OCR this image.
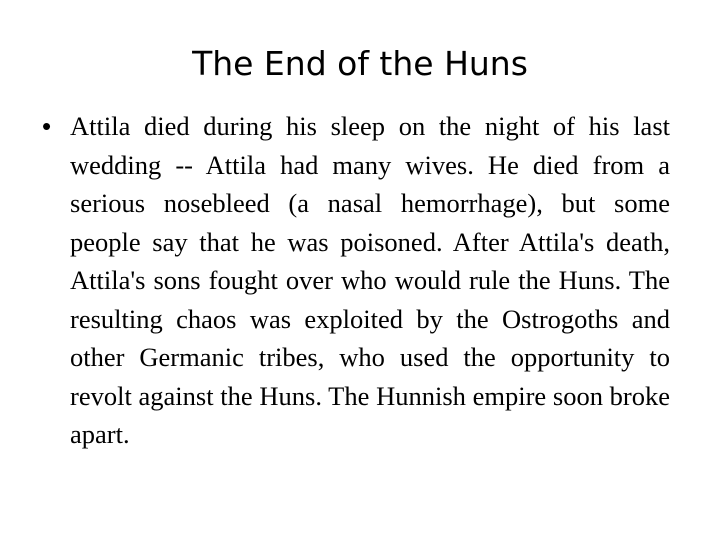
The End of the Huns
• Attila died during his sleep on the night of his last wedding -- Attila had many wives. He died from a serious nosebleed (a nasal hemorrhage), but some people say that he was poisoned. After Attila's death, Attila's sons fought over who would rule the Huns. The resulting chaos was exploited by the Ostrogoths and other Germanic tribes, who used the opportunity to revolt against the Huns. The Hunnish empire soon broke apart.
